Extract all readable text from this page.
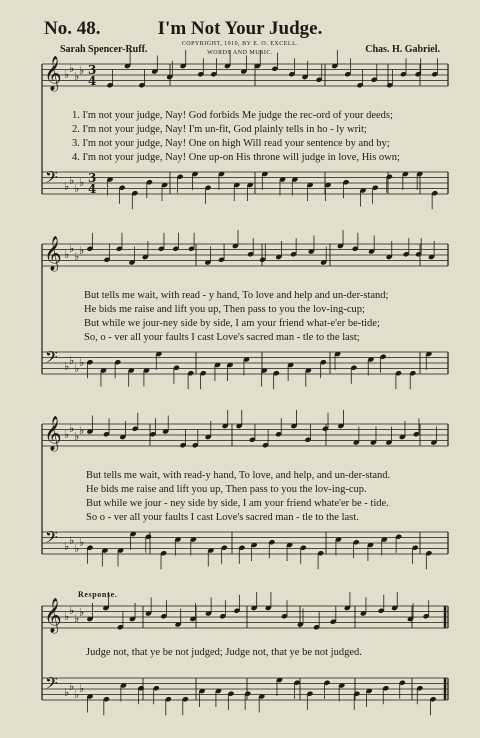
No. 48.	I'm Not Your Judge.
Sarah Spencer-Ruff.	Chas. H. Gabriel.
COPYRIGHT, 1910, BY E. O. EXCELL.
WORDS AND MUSIC.
𝄞
𝄢
♭ ♭
♭ ♭
♭ ♭
♭ ♭
3
4
3
4
𝄞
𝄢
♭ ♭
♭ ♭
♭ ♭
♭ ♭
𝄞
𝄢
♭ ♭
♭ ♭
♭ ♭
♭ ♭
𝄞
𝄢
♭ ♭
♭ ♭
♭ ♭
♭ ♭
1. I'm not your judge, Nay! God forbids Me judge the rec-ord of your deeds;
2. I'm not your judge, Nay! I'm un-fit, God plainly tells in ho - ly writ;
3. I'm not your judge, Nay! One on high Will read your sentence by and by;
4. I'm not your judge, Nay! One up-on His throne will judge in love, His own;
But tells me wait, with read - y hand, To love and help and un-der-stand;
He bids me raise and lift you up, Then pass to you the lov-ing-cup;
But while we jour-ney side by side, I am your friend what-e'er be-tide;
So, o - ver all your faults I cast Love's sacred man - tle to the last;
But tells me wait, with read-y hand, To love, and help, and un-der-stand.
He bids me raise and lift you up, Then pass to you the lov-ing-cup.
But while we jour - ney side by side, I am your friend whate'er be - tide.
So o - ver all your faults I cast Love's sacred man - tle to the last.
Response.
Judge not, that ye be not judged; Judge not, that ye be not judged.
